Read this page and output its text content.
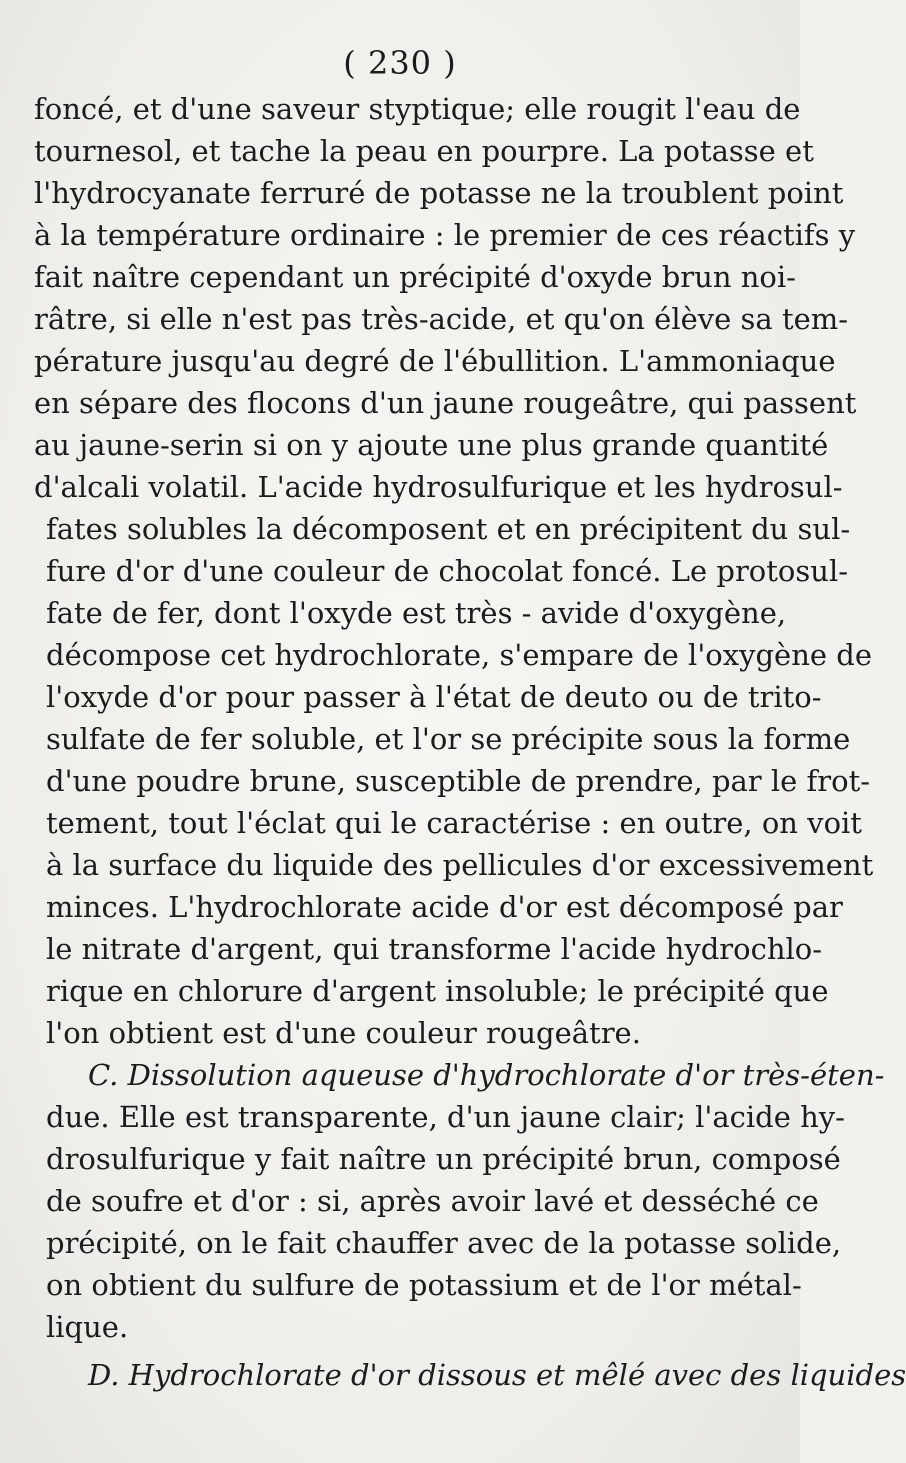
( 230 )
foncé, et d'une saveur styptique; elle rougit l'eau de
tournesol, et tache la peau en pourpre. La potasse et
l'hydrocyanate ferruré de potasse ne la troublent point
à la température ordinaire : le premier de ces réactifs y
fait naître cependant un précipité d'oxyde brun noi-
râtre, si elle n'est pas très-acide, et qu'on élève sa tem-
pérature jusqu'au degré de l'ébullition. L'ammoniaque
en sépare des flocons d'un jaune rougeâtre, qui passent
au jaune-serin si on y ajoute une plus grande quantité
d'alcali volatil. L'acide hydrosulfurique et les hydrosul-
fates solubles la décomposent et en précipitent du sul-
fure d'or d'une couleur de chocolat foncé. Le protosul-
fate de fer, dont l'oxyde est très - avide d'oxygène,
décompose cet hydrochlorate, s'empare de l'oxygène de
l'oxyde d'or pour passer à l'état de deuto ou de trito-
sulfate de fer soluble, et l'or se précipite sous la forme
d'une poudre brune, susceptible de prendre, par le frot-
tement, tout l'éclat qui le caractérise : en outre, on voit
à la surface du liquide des pellicules d'or excessivement
minces. L'hydrochlorate acide d'or est décomposé par
le nitrate d'argent, qui transforme l'acide hydrochlo-
rique en chlorure d'argent insoluble; le précipité que
l'on obtient est d'une couleur rougeâtre.
C. Dissolution aqueuse d'hydrochlorate d'or très-éten-
due. Elle est transparente, d'un jaune clair; l'acide hy-
drosulfurique y fait naître un précipité brun, composé
de soufre et d'or : si, après avoir lavé et desséché ce
précipité, on le fait chauffer avec de la potasse solide,
on obtient du sulfure de potassium et de l'or métal-
lique.
D. Hydrochlorate d'or dissous et mêlé avec des liquides
